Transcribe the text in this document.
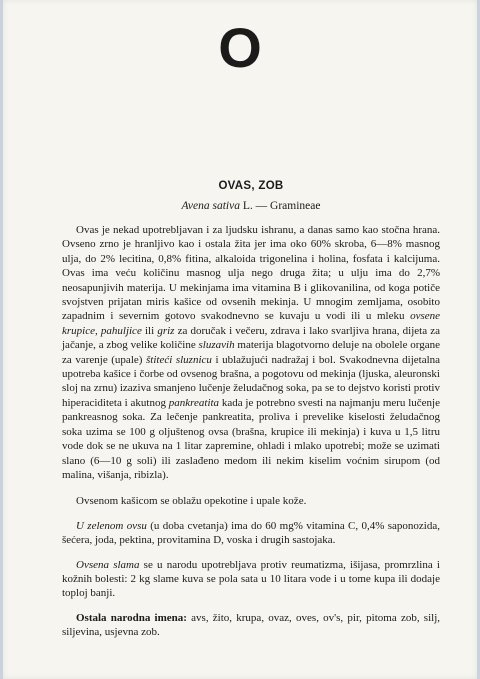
O
OVAS, ZOB
Avena sativa L. — Gramineae

Ovas je nekad upotrebljavan i za ljudsku ishranu, a danas samo kao stočna hrana. Ovseno zrno je hranljivo kao i ostala žita jer ima oko 60% skroba, 6—8% masnog ulja, do 2% lecitina, 0,8% fitina, alkaloida trigonelina i holina, fosfata i kalcijuma. Ovas ima veću količinu masnog ulja nego druga žita; u ulju ima do 2,7% neosapunjivih materija. U mekinjama ima vitamina B i glikovanilina, od koga potiče svojstven prijatan miris kašice od ovsenih mekinja. U mnogim zemljama, osobito zapadnim i severnim gotovo svakodnevno se kuvaju u vodi ili u mleku ovsene krupice, pahuljice ili griz za doručak i večeru, zdrava i lako svarljiva hrana, dijeta za jačanje, a zbog velike količine sluzavih materija blagotvorno deluje na obolele organe za varenje (upale) štiteći sluznicu i ublažujući nadražaj i bol. Svakodnevna dijetalna upotreba kašice i čorbe od ovsenog brašna, a pogotovu od mekinja (ljuska, aleuronski sloj na zrnu) izaziva smanjeno lučenje želudačnog soka, pa se to dejstvo koristi protiv hiperaciditeta i akutnog pankreatita kada je potrebno svesti na najmanju meru lučenje pankreasnog soka. Za lečenje pankreatita, proliva i prevelike kiselosti želudačnog soka uzima se 100 g oljuštenog ovsa (brašna, krupice ili mekinja) i kuva u 1,5 litru vode dok se ne ukuva na 1 litar zapremine, ohladi i mlako upotrebi; može se uzimati slano (6—10 g soli) ili zaslađeno medom ili nekim kiselim voćnim sirupom (od malina, višanja, ribizla).

Ovsenom kašicom se oblažu opekotine i upale kože.

U zelenom ovsu (u doba cvetanja) ima do 60 mg% vitamina C, 0,4% saponozida, šećera, joda, pektina, provitamina D, voska i drugih sastojaka.

Ovsena slama se u narodu upotrebljava protiv reumatizma, išijasa, promrzlina i kožnih bolesti: 2 kg slame kuva se pola sata u 10 litara vode i u tome kupa ili dodaje toploj banji.

Ostala narodna imena: avs, žito, krupa, ovaz, oves, ov's, pir, pitoma zob, silj, siljevina, usjevna zob.
